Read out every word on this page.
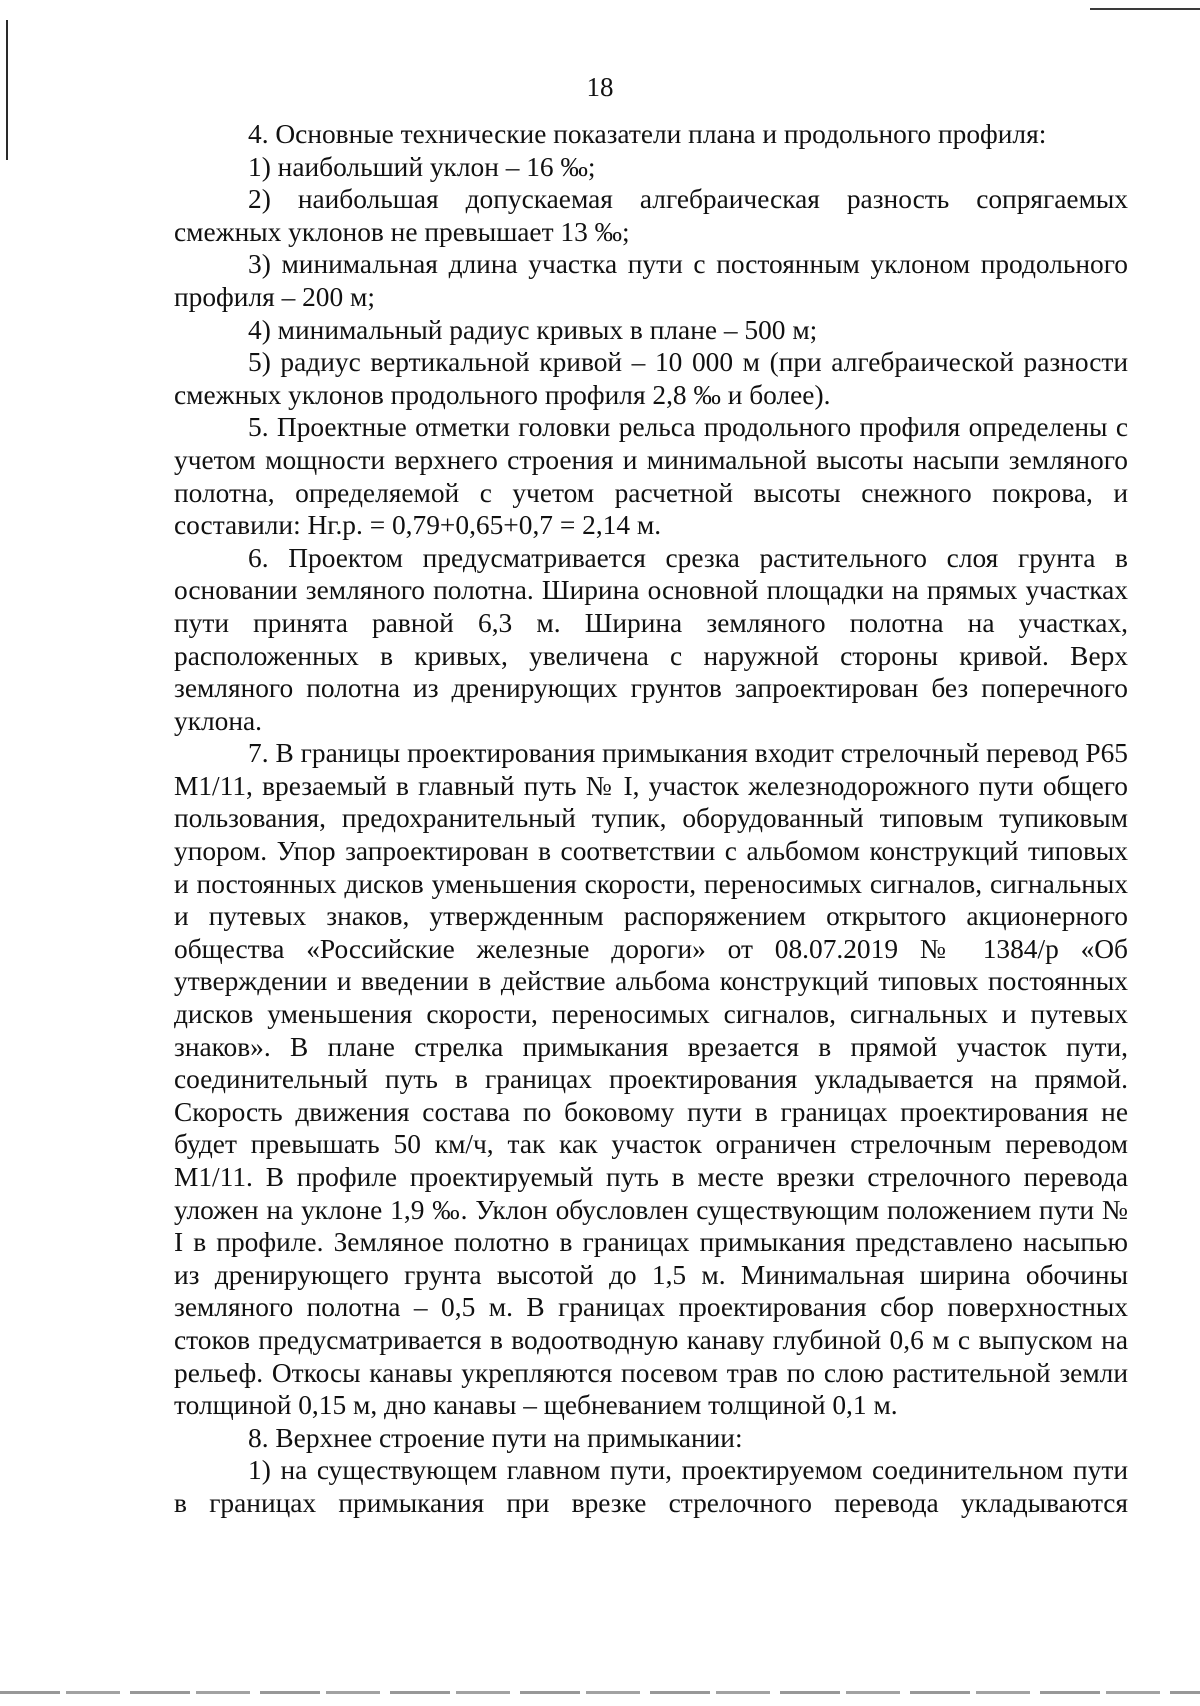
18

4. Основные технические показатели плана и продольного профиля:

1) наибольший уклон – 16 ‰;

2) наибольшая допускаемая алгебраическая разность сопрягаемых смежных уклонов не превышает 13 ‰;

3) минимальная длина участка пути с постоянным уклоном продольного профиля – 200 м;

4) минимальный радиус кривых в плане – 500 м;

5) радиус вертикальной кривой – 10 000 м (при алгебраической разности смежных уклонов продольного профиля 2,8 ‰ и более).

5. Проектные отметки головки рельса продольного профиля определены с учетом мощности верхнего строения и минимальной высоты насыпи земляного полотна, определяемой с учетом расчетной высоты снежного покрова, и составили: Нг.р. = 0,79+0,65+0,7 = 2,14 м.

6. Проектом предусматривается срезка растительного слоя грунта в основании земляного полотна. Ширина основной площадки на прямых участках пути принята равной 6,3 м. Ширина земляного полотна на участках, расположенных в кривых, увеличена с наружной стороны кривой. Верх земляного полотна из дренирующих грунтов запроектирован без поперечного уклона.

7. В границы проектирования примыкания входит стрелочный перевод Р65 М1/11, врезаемый в главный путь № I, участок железнодорожного пути общего пользования, предохранительный тупик, оборудованный типовым тупиковым упором. Упор запроектирован в соответствии с альбомом конструкций типовых и постоянных дисков уменьшения скорости, переносимых сигналов, сигнальных и путевых знаков, утвержденным распоряжением открытого акционерного общества «Российские железные дороги» от 08.07.2019 № 1384/р «Об утверждении и введении в действие альбома конструкций типовых постоянных дисков уменьшения скорости, переносимых сигналов, сигнальных и путевых знаков». В плане стрелка примыкания врезается в прямой участок пути, соединительный путь в границах проектирования укладывается на прямой. Скорость движения состава по боковому пути в границах проектирования не будет превышать 50 км/ч, так как участок ограничен стрелочным переводом М1/11. В профиле проектируемый путь в месте врезки стрелочного перевода уложен на уклоне 1,9 ‰. Уклон обусловлен существующим положением пути № I в профиле. Земляное полотно в границах примыкания представлено насыпью из дренирующего грунта высотой до 1,5 м. Минимальная ширина обочины земляного полотна – 0,5 м. В границах проектирования сбор поверхностных стоков предусматривается в водоотводную канаву глубиной 0,6 м с выпуском на рельеф. Откосы канавы укрепляются посевом трав по слою растительной земли толщиной 0,15 м, дно канавы – щебневанием толщиной 0,1 м.

8. Верхнее строение пути на примыкании:

1) на существующем главном пути, проектируемом соединительном пути в границах примыкания при врезке стрелочного перевода укладываются
